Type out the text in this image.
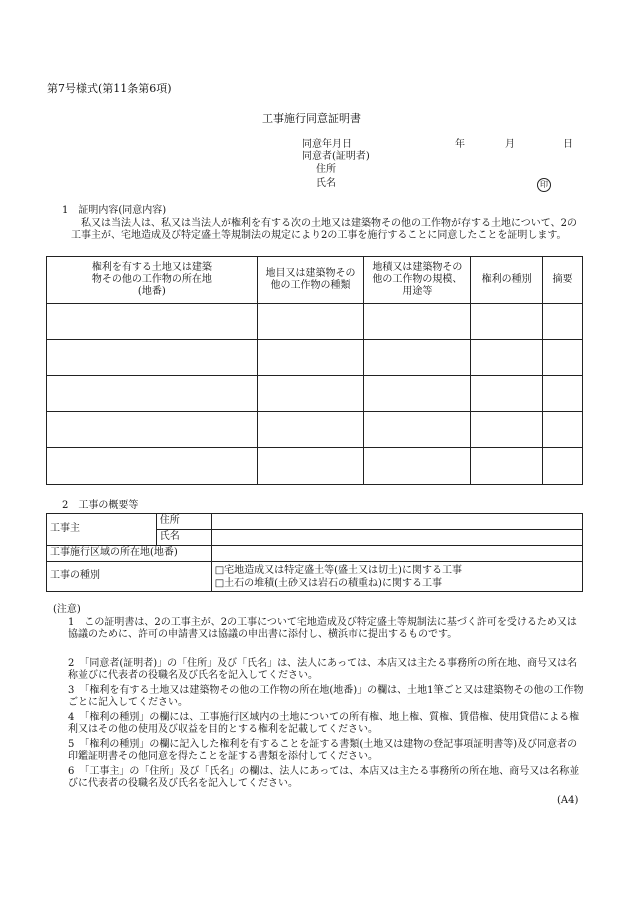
第7号様式(第11条第6項)
工事施行同意証明書
同意年月日	年	月	日
同意者(証明者)
住所
氏名	印
1　証明内容(同意内容)
　私又は当法人は、私又は当法人が権利を有する次の土地又は建築物その他の工作物が存する土地について、2の工事主が、宅地造成及び特定盛土等規制法の規定により2の工事を施行することに同意したことを証明します。
権利を有する土地又は建築物その他の工作物の所在地(地番)	地目又は建築物その他の工作物の種類	地積又は建築物その他の工作物の規模、用途等	権利の種別	摘要

2　工事の概要等
工事主	住所	
	氏名	
工事施行区域の所在地(地番)		
工事の種別		□宅地造成又は特定盛土等(盛土又は切土)に関する工事
□土石の堆積(土砂又は岩石の積重ね)に関する工事
(注意)
1　この証明書は、2の工事主が、2の工事について宅地造成及び特定盛土等規制法に基づく許可を受けるため又は協議のために、許可の申請書又は協議の申出書に添付し、横浜市に提出するものです。
2　「同意者(証明者)」の「住所」及び「氏名」は、法人にあっては、本店又は主たる事務所の所在地、商号又は名称並びに代表者の役職名及び氏名を記入してください。
3　「権利を有する土地又は建築物その他の工作物の所在地(地番)」の欄は、土地1筆ごと又は建築物その他の工作物ごとに記入してください。
4　「権利の種別」の欄には、工事施行区域内の土地についての所有権、地上権、質権、賃借権、使用貸借による権利又はその他の使用及び収益を目的とする権利を記載してください。
5　「権利の種別」の欄に記入した権利を有することを証する書類(土地又は建物の登記事項証明書等)及び同意者の印鑑証明書その他同意を得たことを証する書類を添付してください。
6　「工事主」の「住所」及び「氏名」の欄は、法人にあっては、本店又は主たる事務所の所在地、商号又は名称並びに代表者の役職名及び氏名を記入してください。
(A4)
